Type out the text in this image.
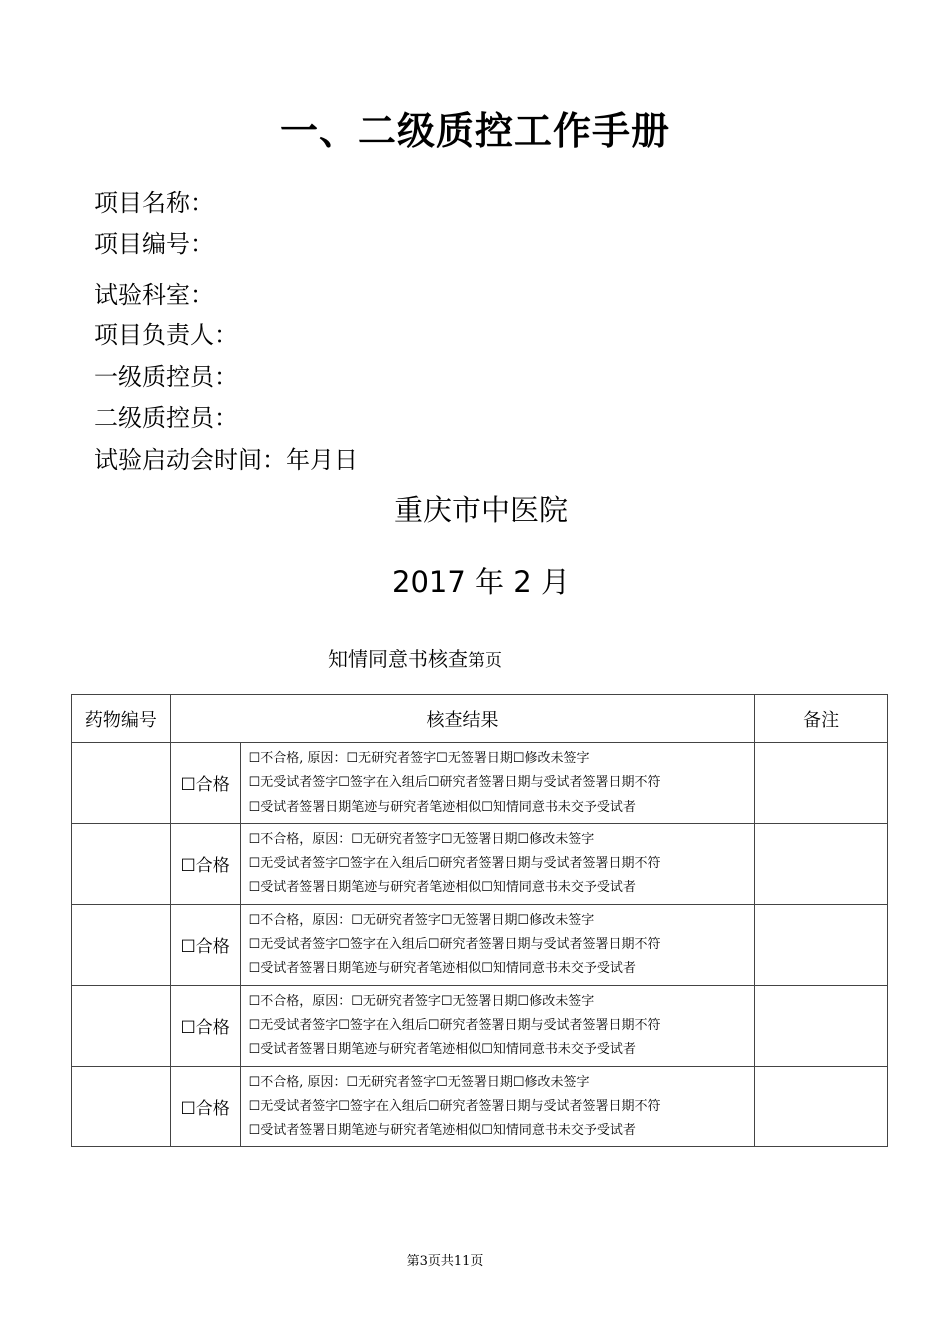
一、二级质控工作手册
项目名称：
项目编号：
试验科室：
项目负责人：
一级质控员：
二级质控员：
试验启动会时间：年月日
重庆市中医院
2017 年 2 月
知情同意书核查第页
药物编号	核查结果		备注
	☐合格	☐不合格, 原因：☐无研究者签字☐无签署日期☐修改未签字
☐无受试者签字☐签字在入组后☐研究者签署日期与受试者签署日期不符
☐受试者签署日期笔迹与研究者笔迹相似☐知情同意书未交予受试者	

	☐合格	☐不合格，原因：☐无研究者签字☐无签署日期☐修改未签字
☐无受试者签字☐签字在入组后☐研究者签署日期与受试者签署日期不符
☐受试者签署日期笔迹与研究者笔迹相似☐知情同意书未交予受试者	

	☐合格	☐不合格，原因：☐无研究者签字☐无签署日期☐修改未签字
☐无受试者签字☐签字在入组后☐研究者签署日期与受试者签署日期不符
☐受试者签署日期笔迹与研究者笔迹相似☐知情同意书未交予受试者	

	☐合格	☐不合格，原因：☐无研究者签字☐无签署日期☐修改未签字
☐无受试者签字☐签字在入组后☐研究者签署日期与受试者签署日期不符
☐受试者签署日期笔迹与研究者笔迹相似☐知情同意书未交予受试者	

	☐合格	☐不合格, 原因：☐无研究者签字☐无签署日期☐修改未签字
☐无受试者签字☐签字在入组后☐研究者签署日期与受试者签署日期不符
☐受试者签署日期笔迹与研究者笔迹相似☐知情同意书未交予受试者	

第3页共11页
